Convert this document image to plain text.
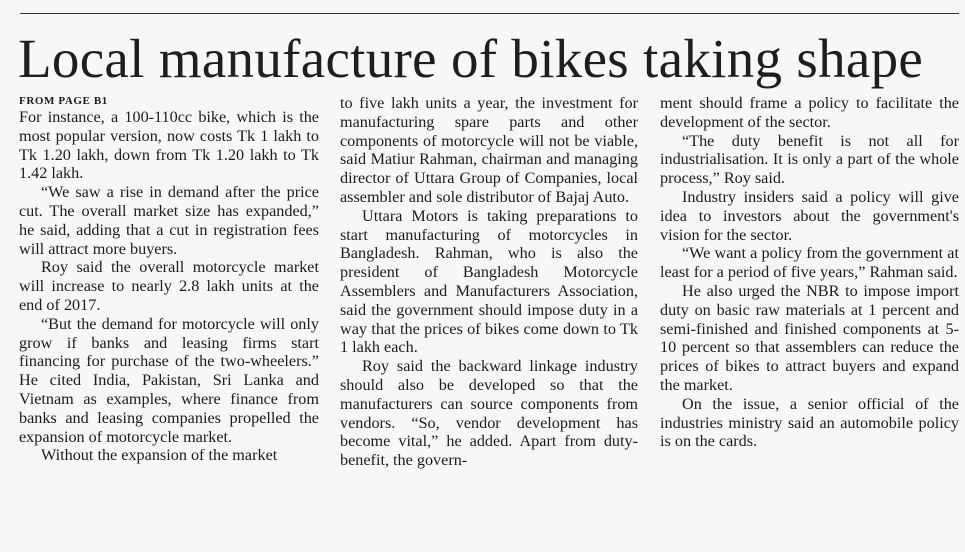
Local manufacture of bikes taking shape

FROM PAGE B1

For instance, a 100-110cc bike, which is the most popular version, now costs Tk 1 lakh to Tk 1.20 lakh, down from Tk 1.20 lakh to Tk 1.42 lakh.

“We saw a rise in demand after the price cut. The overall market size has expanded,” he said, adding that a cut in registration fees will attract more buyers.

Roy said the overall motorcycle market will increase to nearly 2.8 lakh units at the end of 2017.

“But the demand for motorcycle will only grow if banks and leasing firms start financing for purchase of the two-wheelers.” He cited India, Pakistan, Sri Lanka and Vietnam as examples, where finance from banks and leasing companies propelled the expansion of motorcycle market.

Without the expansion of the market

to five lakh units a year, the investment for manufacturing spare parts and other components of motorcycle will not be viable, said Matiur Rahman, chairman and managing director of Uttara Group of Companies, local assembler and sole distributor of Bajaj Auto.

Uttara Motors is taking preparations to start manufacturing of motorcycles in Bangladesh. Rahman, who is also the president of Bangladesh Motorcycle Assemblers and Manufacturers Association, said the government should impose duty in a way that the prices of bikes come down to Tk 1 lakh each.

Roy said the backward linkage industry should also be developed so that the manufacturers can source components from vendors. “So, vendor development has become vital,” he added. Apart from duty-benefit, the govern-

ment should frame a policy to facilitate the development of the sector.

“The duty benefit is not all for industrialisation. It is only a part of the whole process,” Roy said.

Industry insiders said a policy will give idea to investors about the government's vision for the sector.

“We want a policy from the government at least for a period of five years,” Rahman said.

He also urged the NBR to impose import duty on basic raw materials at 1 percent and semi-finished and finished components at 5-10 percent so that assemblers can reduce the prices of bikes to attract buyers and expand the market.

On the issue, a senior official of the industries ministry said an automobile policy is on the cards.
